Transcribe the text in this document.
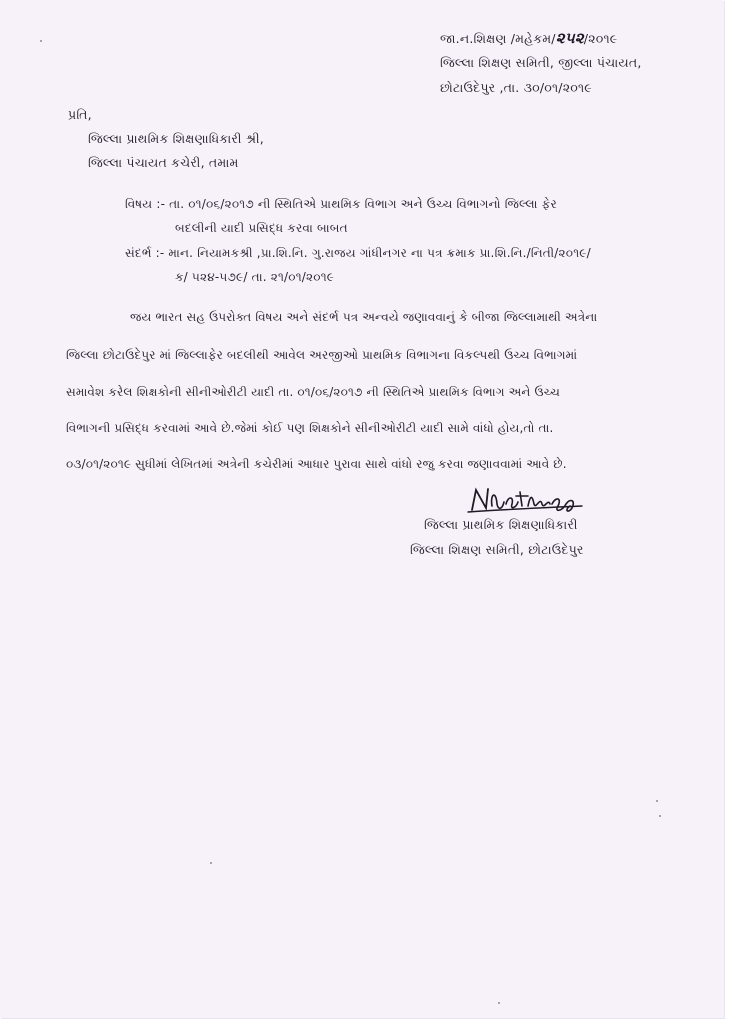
જા.ન.શિક્ષણ /મહેકમ/૨૫૨/૨૦૧૯
જિલ્લા શિક્ષણ સમિતી, જીલ્લા પંચાયત,
છોટાઉદેપુર ,તા. ૩૦/૦૧/૨૦૧૯
પ્રતિ,
જિલ્લા પ્રાથમિક શિક્ષણાધિકારી શ્રી,
જિલ્લા પંચાયત કચેરી, તમામ
વિષય :- તા. ૦૧/૦૬/૨૦૧૭ ની સ્થિતિએ પ્રાથમિક વિભાગ અને ઉચ્ચ વિભાગનો જિલ્લા ફેર
બદલીની યાદી પ્રસિદ્ધ કરવા બાબત
સંદર્ભ :- માન. નિયામકશ્રી ,પ્રા.શિ.નિ. ગુ.રાજય ગાંધીનગર ના પત્ર ક્રમાક પ્રા.શિ.નિ./નિતી/૨૦૧૯/
ક/ ૫૨૪-૫૭૯/ તા. ૨૧/૦૧/૨૦૧૯
જય ભારત સહ ઉપરોક્ત વિષય અને સંદર્ભ પત્ર અન્વયે જણાવવાનું કે બીજા જિલ્લામાથી અત્રેના
જિલ્લા છોટાઉદેપુર માં જિલ્લાફેર બદલીથી આવેલ અરજીઓ પ્રાથમિક વિભાગના વિકલ્પથી ઉચ્ચ વિભાગમાં
સમાવેશ કરેલ શિક્ષકોની સીનીઓરીટી યાદી તા. ૦૧/૦૬/૨૦૧૭ ની સ્થિતિએ પ્રાથમિક વિભાગ અને ઉચ્ચ
વિભાગની પ્રસિદ્ધ કરવામાં આવે છે.જેમાં કોઈ પણ શિક્ષકોને સીનીઓરીટી યાદી સામે વાંધો હોય,તો તા.
૦૩/૦૧/૨૦૧૯ સુધીમાં લેખિતમાં અત્રેની કચેરીમાં આધાર પુરાવા સાથે વાંધો રજુ કરવા જણાવવામાં આવે છે.
જિલ્લા પ્રાથમિક શિક્ષણાધિકારી
જિલ્લા શિક્ષણ સમિતી, છોટાઉદેપુર
